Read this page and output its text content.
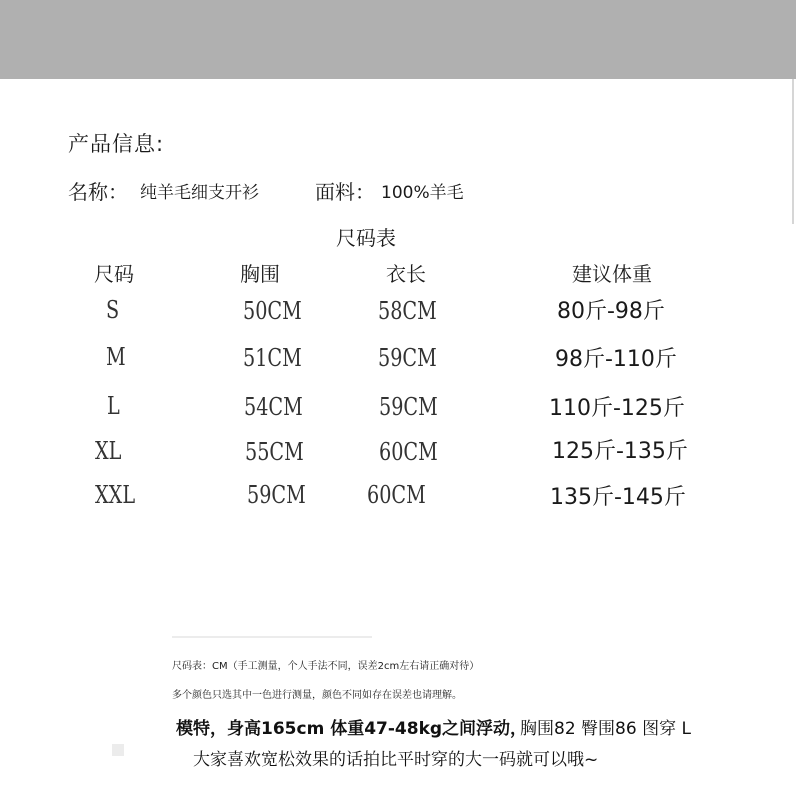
产品信息:
名称： 纯羊毛细支开衫	面料： 100%羊毛
尺码表
尺码	胸围	衣长	建议体重
S	50CM	58CM	80斤-98斤
M	51CM	59CM	98斤-110斤
L	54CM	59CM	110斤-125斤
XL	55CM	60CM	125斤-135斤
XXL	59CM	60CM	135斤-145斤
尺码表：CM（手工测量，个人手法不同，误差2cm左右请正确对待）
多个颜色只选其中一色进行测量，颜色不同如存在误差也请理解。
模特，身高165cm 体重47-48kg之间浮动，
胸围82 臀围86 图穿 L
大家喜欢宽松效果的话拍比平时穿的大一码就可以哦~
